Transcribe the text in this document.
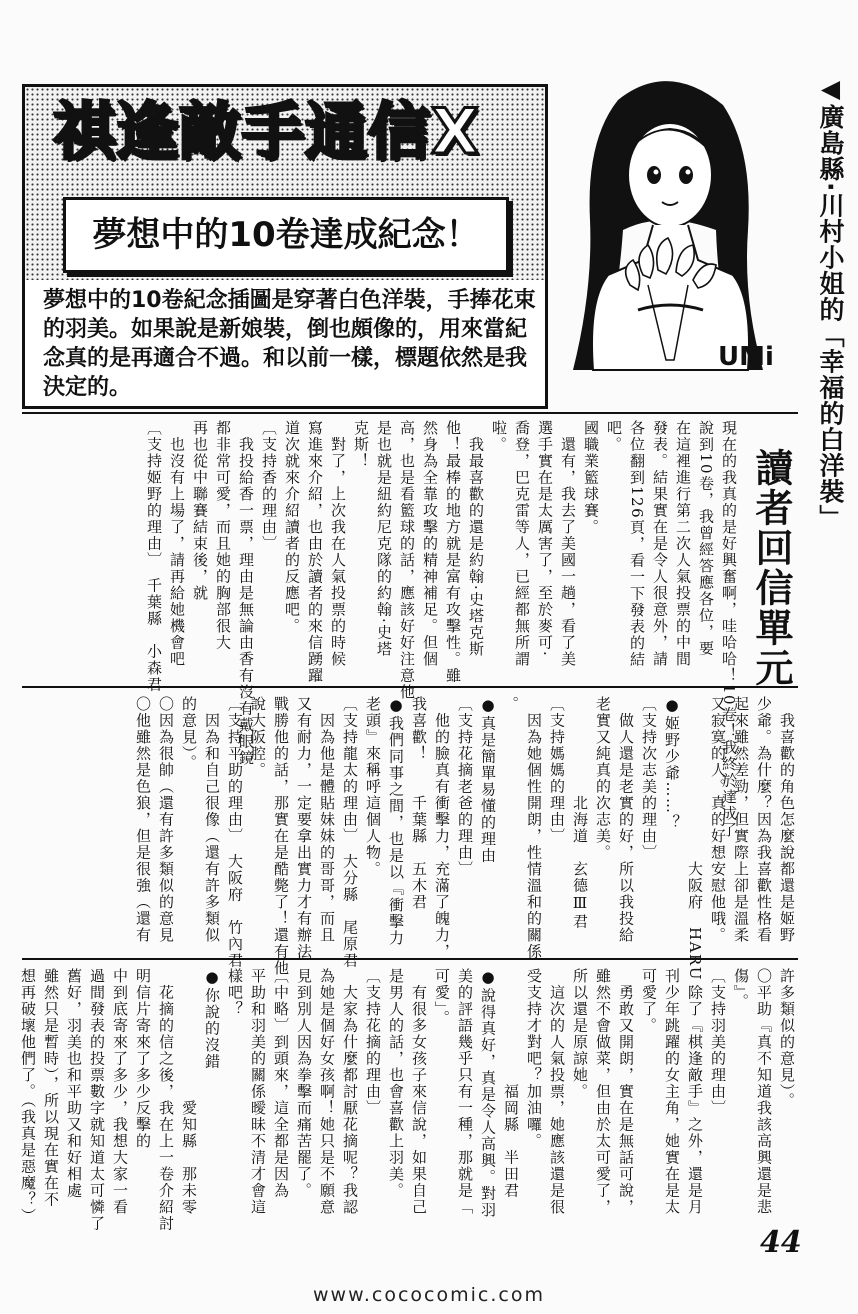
祺逢敵手通信X
夢想中的10卷達成紀念！
夢想中的10卷紀念插圖是穿著白色洋裝，手捧花束的羽美。如果說是新娘裝，倒也頗像的，用來當紀念真的是再適合不過。和以前一樣，標題依然是我決定的。
UMi	◀廣島縣·川村小姐的「幸福的白洋裝」
讀者回信單元
現在的我真的是好興奮啊，哇哈哈！10卷！我終於達成了
說到10卷，我曾經答應各位，要
在這裡進行第二次人氣投票的中間
發表。結果實在是令人很意外，請
各位翻到126頁，看一下發表的結
吧。
國職業籃球賽。
　還有，我去了美國一趟，看了美
選手實在是太厲害了，至於麥可·
喬登，巴克雷等人，已經都無所謂
啦。
　我最喜歡的還是約翰·史塔克斯
他！最棒的地方就是富有攻擊性。雖
然身為全靠攻擊的精神補足。但個
高，也是看籃球的話，應該好好注意他
是也就是紐約尼克隊的約翰·史塔
克斯！
　對了，上次我在人氣投票的時候
寫進來介紹，也由於讀者的來信踴躍
道次就來介紹讀者的反應吧。
〔支持香的理由〕
　我投給香一票，理由是無論由香有沒有戴眼鏡
都非常可愛，而且她的胸部很大
再也從中聯賽結束後，就
　也沒有上場了，請再給她機會吧
〔支持姬野的理由〕　千葉縣　小森君
　我喜歡的角色怎麼說都還是姬野
少爺。為什麼？因為我喜歡性格看
起來雖然差勁，但實際上卻是溫柔
又寂寞的人。真的好想安慰他哦。
　　　　　　　　　　大阪府　HARU
●姬野少爺……？
〔支持次志美的理由〕
　做人還是老實的好，所以我投給
老實又純真的次志美。
　　　　　　北海道　玄德Ⅲ君
〔支持媽媽的理由〕
　因為她個性開朗，性情溫和的關係
。
●真是簡單易懂的理由
〔支持花摘老爸的理由〕
　他的臉真有衝擊力，充滿了魄力，
我喜歡！　　千葉縣　五木君
●我們同事之間，也是以『衝擊力
老頭』來稱呼這個人物。
〔支持龍太的理由〕　大分縣　尾原君
　因為他是體貼妹妹的哥哥，而且
又有耐力，一定要拿出實力才有辦法
戰勝他的話，那實在是酷斃了！還有他
說大阪腔。
〔支持平助的理由〕　大阪府　竹內君
　因為和自己很像（還有許多類似
的意見）。
〇因為很帥（還有許多類似的意見
〇他雖然是色狼，但是很強（還有
許多類似的意見）。
〇平助『真不知道我該高興還是悲
傷』。
〔支持羽美的理由〕
　除了『棋逢敵手』之外，還是月
刊少年跳躍的女主角，她實在是太
可愛了。
　勇敢又開朗，實在是無話可說，
雖然不會做菜，但由於太可愛了，
所以還是原諒她。
　這次的人氣投票，她應該還是很
受支持才對吧？加油囉。
　　　　　　　福岡縣　半田君
●說得真好，真是令人高興。對羽
美的評語幾乎只有一種，那就是「
可愛」。
　有很多女孩子來信說，如果自己
是男人的話，也會喜歡上羽美。
〔支持花摘的理由〕
　大家為什麼都討厭花摘呢？我認
為她是個好女孩啊！她只是不願意
見到別人因為拳擊而痛苦罷了。
〔中略〕到頭來，這全都是因為
平助和羽美的關係曖昧不清才會這
樣吧？
●你說的沒錯
　　　　　　　　愛知縣　那未零
　花摘的信之後，我在上一卷介紹討
明信片寄來了多少反擊的
中到底寄來了多少，我想大家一看
過間發表的投票數字就知道太可憐了
舊好，羽美也和平助又和好相處
雖然只是暫時），所以現在實在不
想再破壞他們了。（我真是惡魔？）
44
www.cococomic.com
